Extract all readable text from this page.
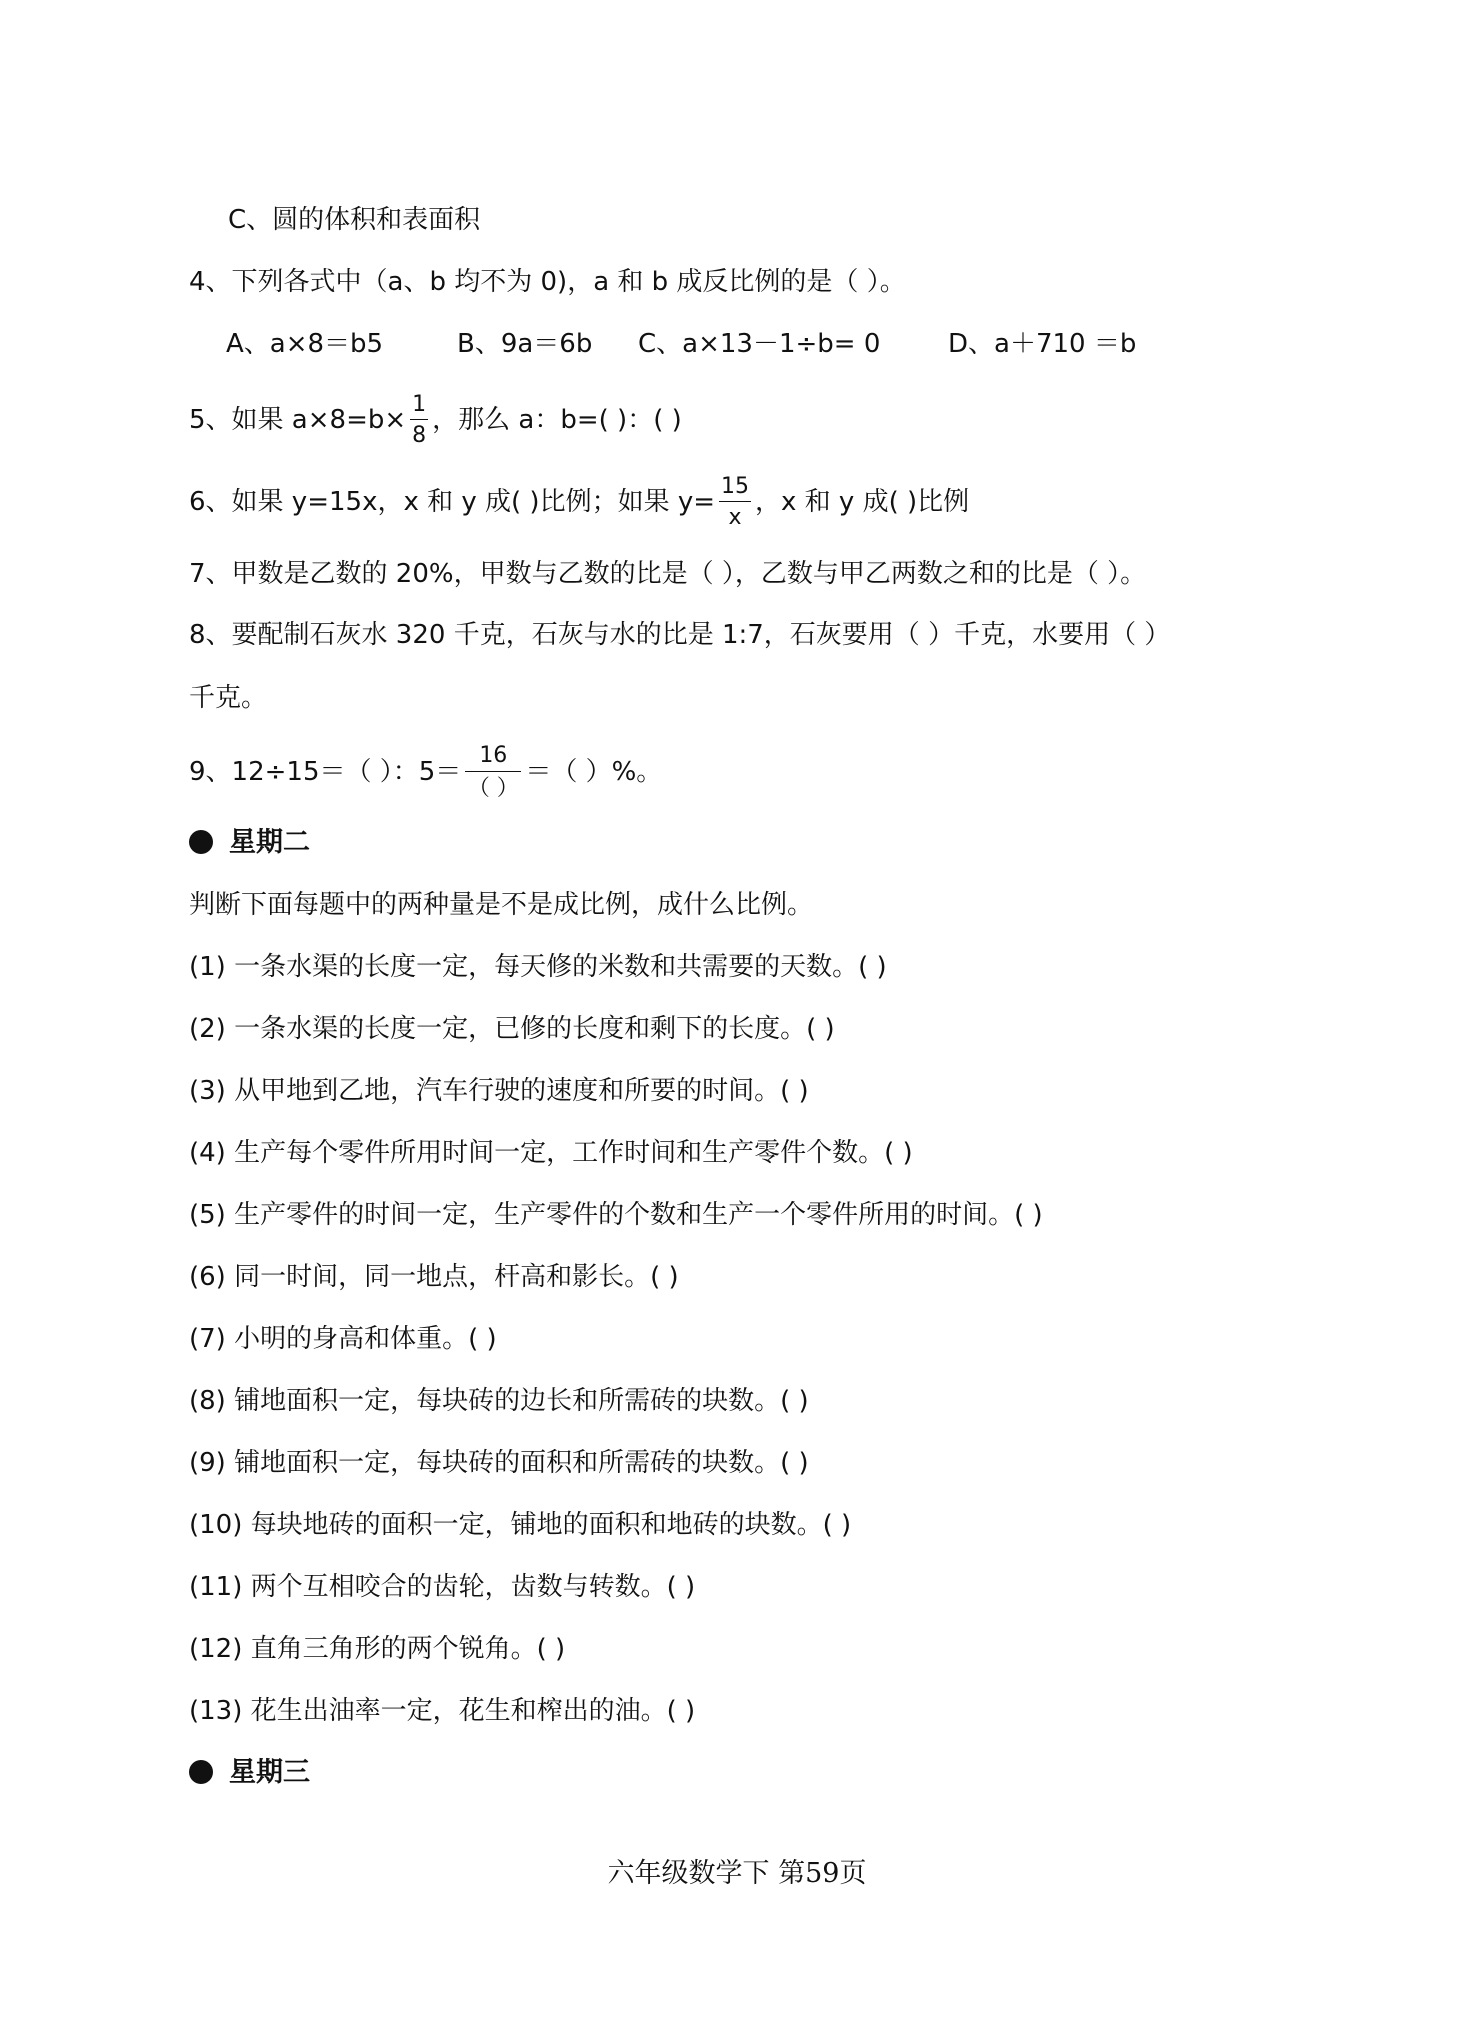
C、圆的体积和表面积
4、下列各式中（a、b 均不为 0)，a 和 b 成反比例的是（ ）。
A、a×8＝b5	B、9a＝6b C、a×13－1÷b= 0	D、a＋710 ＝b
5、如果 $a\times 8=b\times \frac{1}{8}$ ，那么 a：b=( )：( )
6、如果 y=15x，x 和 y 成( )比例；如果 $y= \frac{15}{x}$ ，x 和 y 成( )比例
7、甲数是乙数的 20%，甲数与乙数的比是（ ），乙数与甲乙两数之和的比是（ ）。
8、要配制石灰水 320 千克，石灰与水的比是 1:7，石灰要用（ ）千克，水要用（ ）
千克。
9、12÷15＝（ ）：$5= \frac{16}{( )}$ ＝（ ）%。
星期二
判断下面每题中的两种量是不是成比例，成什么比例。
(1) 一条水渠的长度一定，每天修的米数和共需要的天数。( )
(2) 一条水渠的长度一定，已修的长度和剩下的长度。( )
(3) 从甲地到乙地，汽车行驶的速度和所要的时间。( )
(4) 生产每个零件所用时间一定，工作时间和生产零件个数。( )
(5) 生产零件的时间一定，生产零件的个数和生产一个零件所用的时间。( )
(6) 同一时间，同一地点，杆高和影长。( )
(7) 小明的身高和体重。( )
(8) 铺地面积一定，每块砖的边长和所需砖的块数。( )
(9) 铺地面积一定，每块砖的面积和所需砖的块数。( )
(10) 每块地砖的面积一定，铺地的面积和地砖的块数。( )
(11) 两个互相咬合的齿轮，齿数与转数。( )
(12) 直角三角形的两个锐角。( )
(13) 花生出油率一定，花生和榨出的油。( )
星期三
六年级数学下 第59页
